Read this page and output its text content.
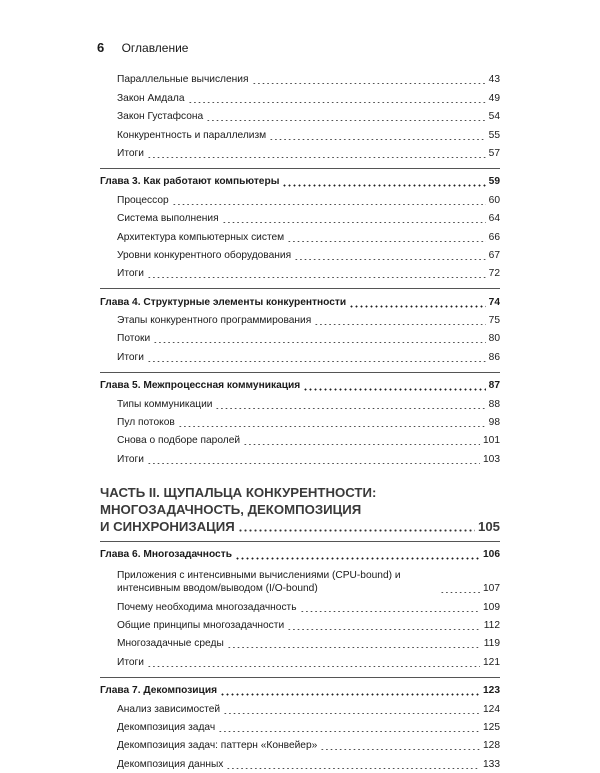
6 Оглавление
Параллельные вычисления	43
Закон Амдала	49
Закон Густафсона	54
Конкурентность и параллелизм	55
Итоги	57
Глава 3. Как работают компьютеры	59
Процессор	60
Система выполнения	64
Архитектура компьютерных систем	66
Уровни конкурентного оборудования	67
Итоги	72
Глава 4. Структурные элементы конкурентности	74
Этапы конкурентного программирования	75
Потоки	80
Итоги	86
Глава 5. Межпроцессная коммуникация	87
Типы коммуникации	88
Пул потоков	98
Снова о подборе паролей	101
Итоги	103
ЧАСТЬ II. ЩУПАЛЬЦА КОНКУРЕНТНОСТИ:
МНОГОЗАДАЧНОСТЬ, ДЕКОМПОЗИЦИЯ
И СИНХРОНИЗАЦИЯ	105
Глава 6. Многозадачность	106
Приложения с интенсивными вычислениями (CPU-bound) и интенсивным вводом/выводом (I/O-bound)	107
Почему необходима многозадачность	109
Общие принципы многозадачности	112
Многозадачные среды	119
Итоги	121
Глава 7. Декомпозиция	123
Анализ зависимостей	124
Декомпозиция задач	125
Декомпозиция задач: паттерн «Конвейер»	128
Декомпозиция данных	133
